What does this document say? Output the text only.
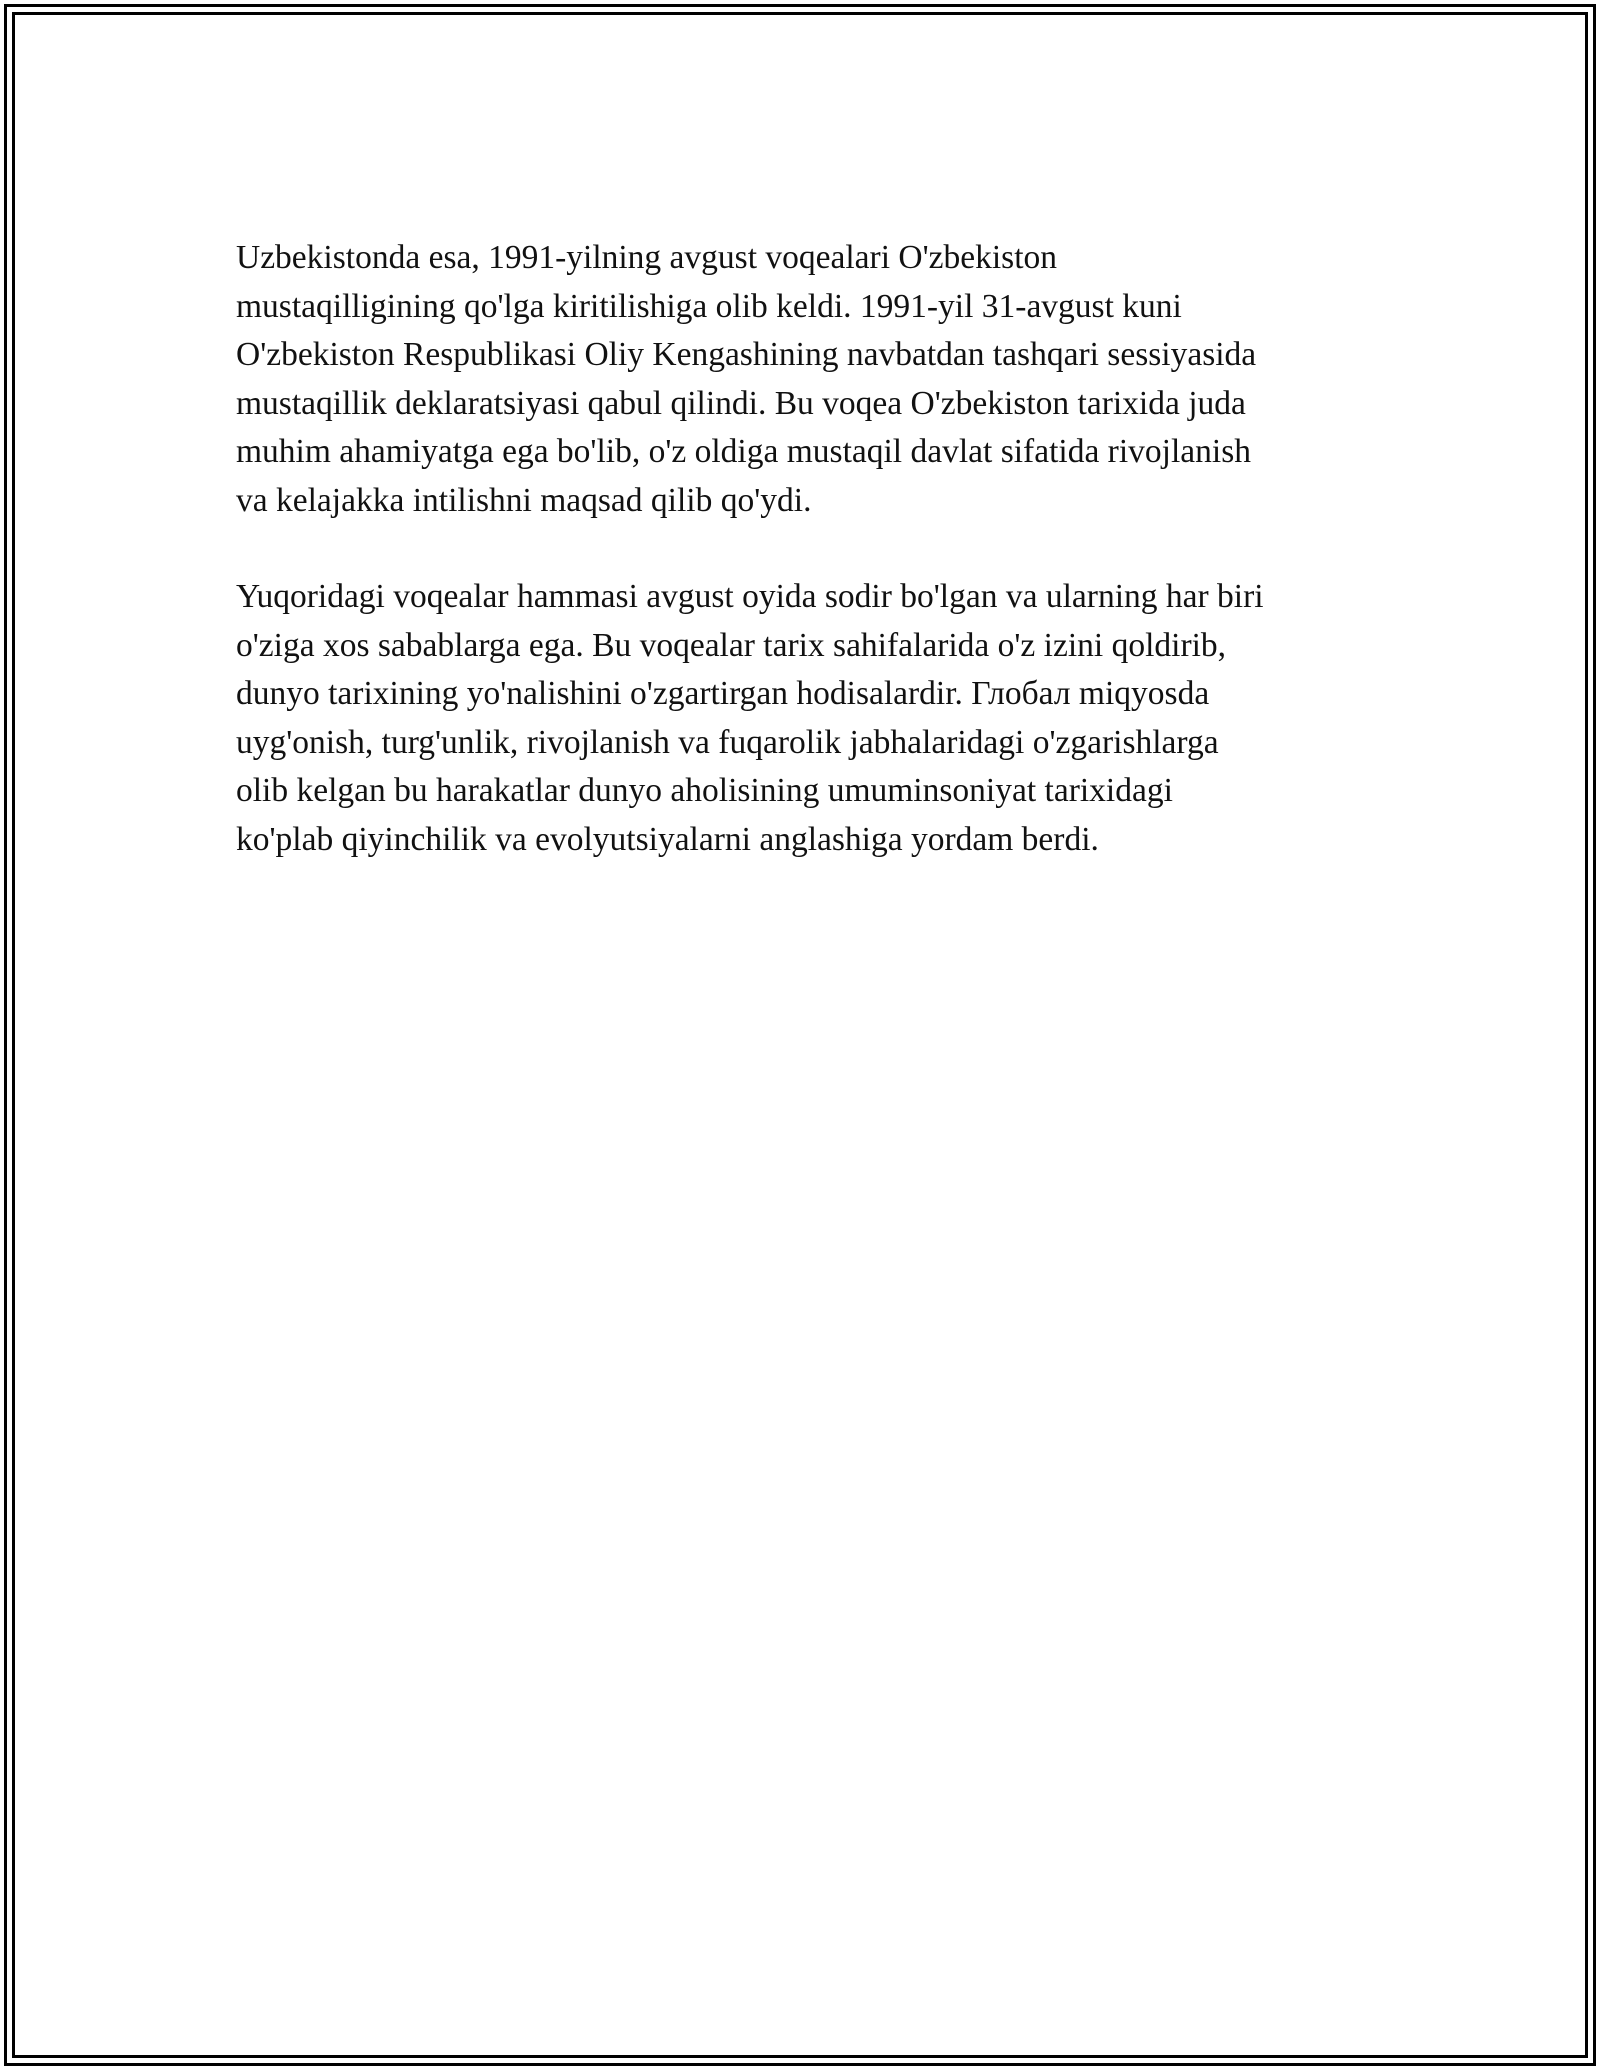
Uzbekistonda esa, 1991-yilning avgust voqealari O'zbekiston
mustaqilligining qo'lga kiritilishiga olib keldi. 1991-yil 31-avgust kuni
O'zbekiston Respublikasi Oliy Kengashining navbatdan tashqari sessiyasida
mustaqillik deklaratsiyasi qabul qilindi. Bu voqea O'zbekiston tarixida juda
muhim ahamiyatga ega bo'lib, o'z oldiga mustaqil davlat sifatida rivojlanish
va kelajakka intilishni maqsad qilib qo'ydi.

Yuqoridagi voqealar hammasi avgust oyida sodir bo'lgan va ularning har biri
o'ziga xos sabablarga ega. Bu voqealar tarix sahifalarida o'z izini qoldirib,
dunyo tarixining yo'nalishini o'zgartirgan hodisalardir. Глобал miqyosda
uyg'onish, turg'unlik, rivojlanish va fuqarolik jabhalaridagi o'zgarishlarga
olib kelgan bu harakatlar dunyo aholisining umuminsoniyat tarixidagi
ko'plab qiyinchilik va evolyutsiyalarni anglashiga yordam berdi.
